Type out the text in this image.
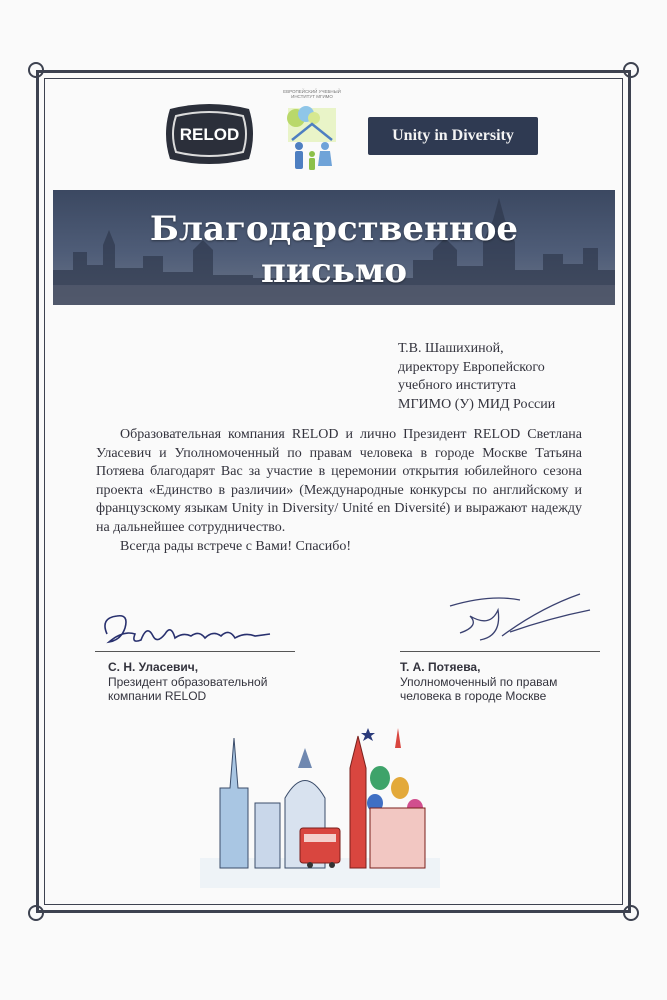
RELOD
ЕВРОПЕЙСКИЙ УЧЕБНЫЙ ИНСТИТУТ МГИМО
Unity in Diversity
Благодарственное
письмо
Т.В. Шашихиной,
директору Европейского
учебного института
МГИМО (У) МИД России

Образовательная компания RELOD и лично Президент RELOD Светлана Уласевич и Уполномоченный по правам человека в городе Москве Татьяна Потяева благодарят Вас за участие в церемонии открытия юбилейного сезона проекта «Единство в различии» (Международные конкурсы по английскому и французскому языкам Unity in Diversity/ Unité en Diversité) и выражают надежду на дальнейшее сотрудничество.

Всегда рады встрече с Вами! Спасибо!

С. Н. Уласевич,
Президент образовательной
компании RELOD
Т. А. Потяева,
Уполномоченный по правам
человека в городе Москве
